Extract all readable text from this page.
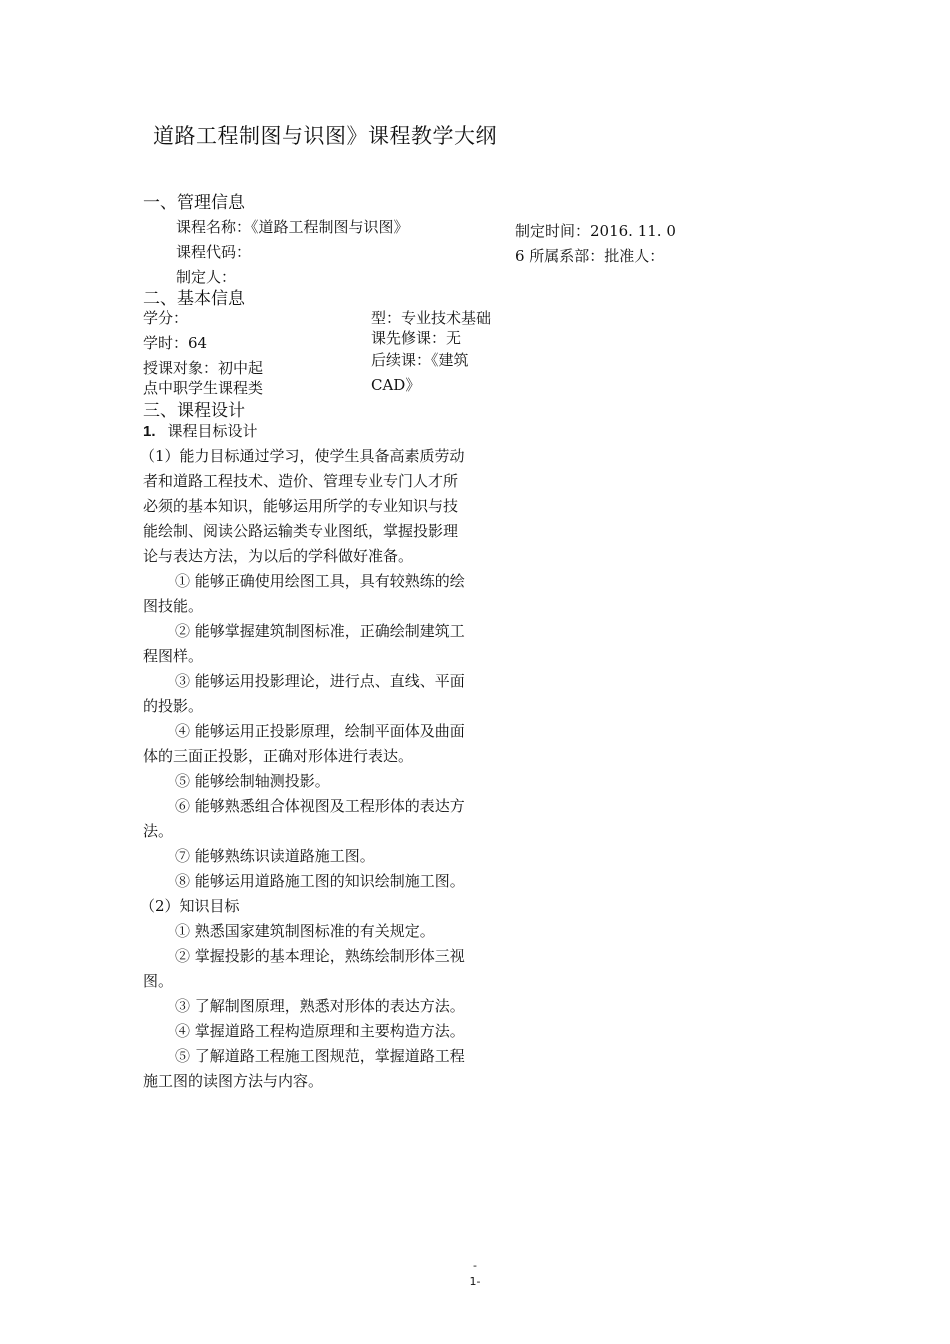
道路工程制图与识图》课程教学大纲
一、管理信息
课程名称：《道路工程制图与识图》
课程代码：
制定人：
制定时间：2016. 11. 0
6 所属系部：批准人：
二、基本信息
学分：
学时：64
授课对象：初中起
点中职学生课程类
型：专业技术基础
课先修课：无
后续课：《建筑
CAD》
三、课程设计

1. 课程目标设计

（1）能力目标通过学习，使学生具备高素质劳动

者和道路工程技术、造价、管理专业专门人才所

必须的基本知识，能够运用所学的专业知识与技

能绘制、阅读公路运输类专业图纸，掌握投影理

论与表达方法，为以后的学科做好准备。

① 能够正确使用绘图工具，具有较熟练的绘

图技能。

② 能够掌握建筑制图标准，正确绘制建筑工

程图样。

③ 能够运用投影理论，进行点、直线、平面

的投影。

④ 能够运用正投影原理，绘制平面体及曲面

体的三面正投影，正确对形体进行表达。

⑤ 能够绘制轴测投影。

⑥ 能够熟悉组合体视图及工程形体的表达方

法。

⑦ 能够熟练识读道路施工图。

⑧ 能够运用道路施工图的知识绘制施工图。

（2）知识目标

① 熟悉国家建筑制图标准的有关规定。

② 掌握投影的基本理论，熟练绘制形体三视

图。

③ 了解制图原理，熟悉对形体的表达方法。

④ 掌握道路工程构造原理和主要构造方法。

⑤ 了解道路工程施工图规范，掌握道路工程

施工图的读图方法与内容。

-
1-
